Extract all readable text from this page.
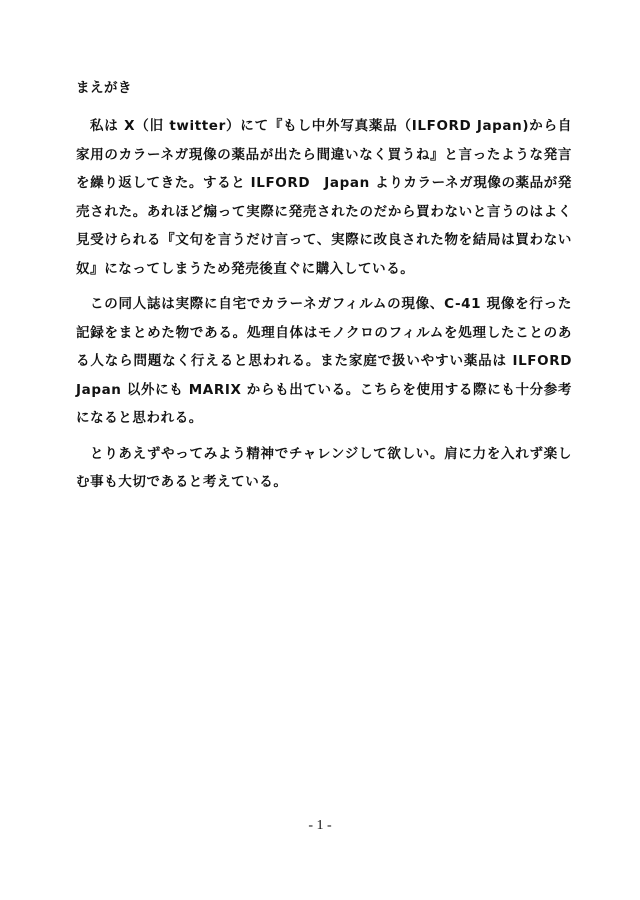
まえがき

私は X（旧 twitter）にて『もし中外写真薬品（ILFORD Japan)から自家用のカラーネガ現像の薬品が出たら間違いなく買うね』と言ったような発言を繰り返してきた。すると ILFORD　Japan よりカラーネガ現像の薬品が発売された。あれほど煽って実際に発売されたのだから買わないと言うのはよく見受けられる『文句を言うだけ言って、実際に改良された物を結局は買わない奴』になってしまうため発売後直ぐに購入している。

この同人誌は実際に自宅でカラーネガフィルムの現像、C-41 現像を行った記録をまとめた物である。処理自体はモノクロのフィルムを処理したことのある人なら問題なく行えると思われる。また家庭で扱いやすい薬品は ILFORD　Japan 以外にも MARIX からも出ている。こちらを使用する際にも十分参考になると思われる。

とりあえずやってみよう精神でチャレンジして欲しい。肩に力を入れず楽しむ事も大切であると考えている。

- 1 -
